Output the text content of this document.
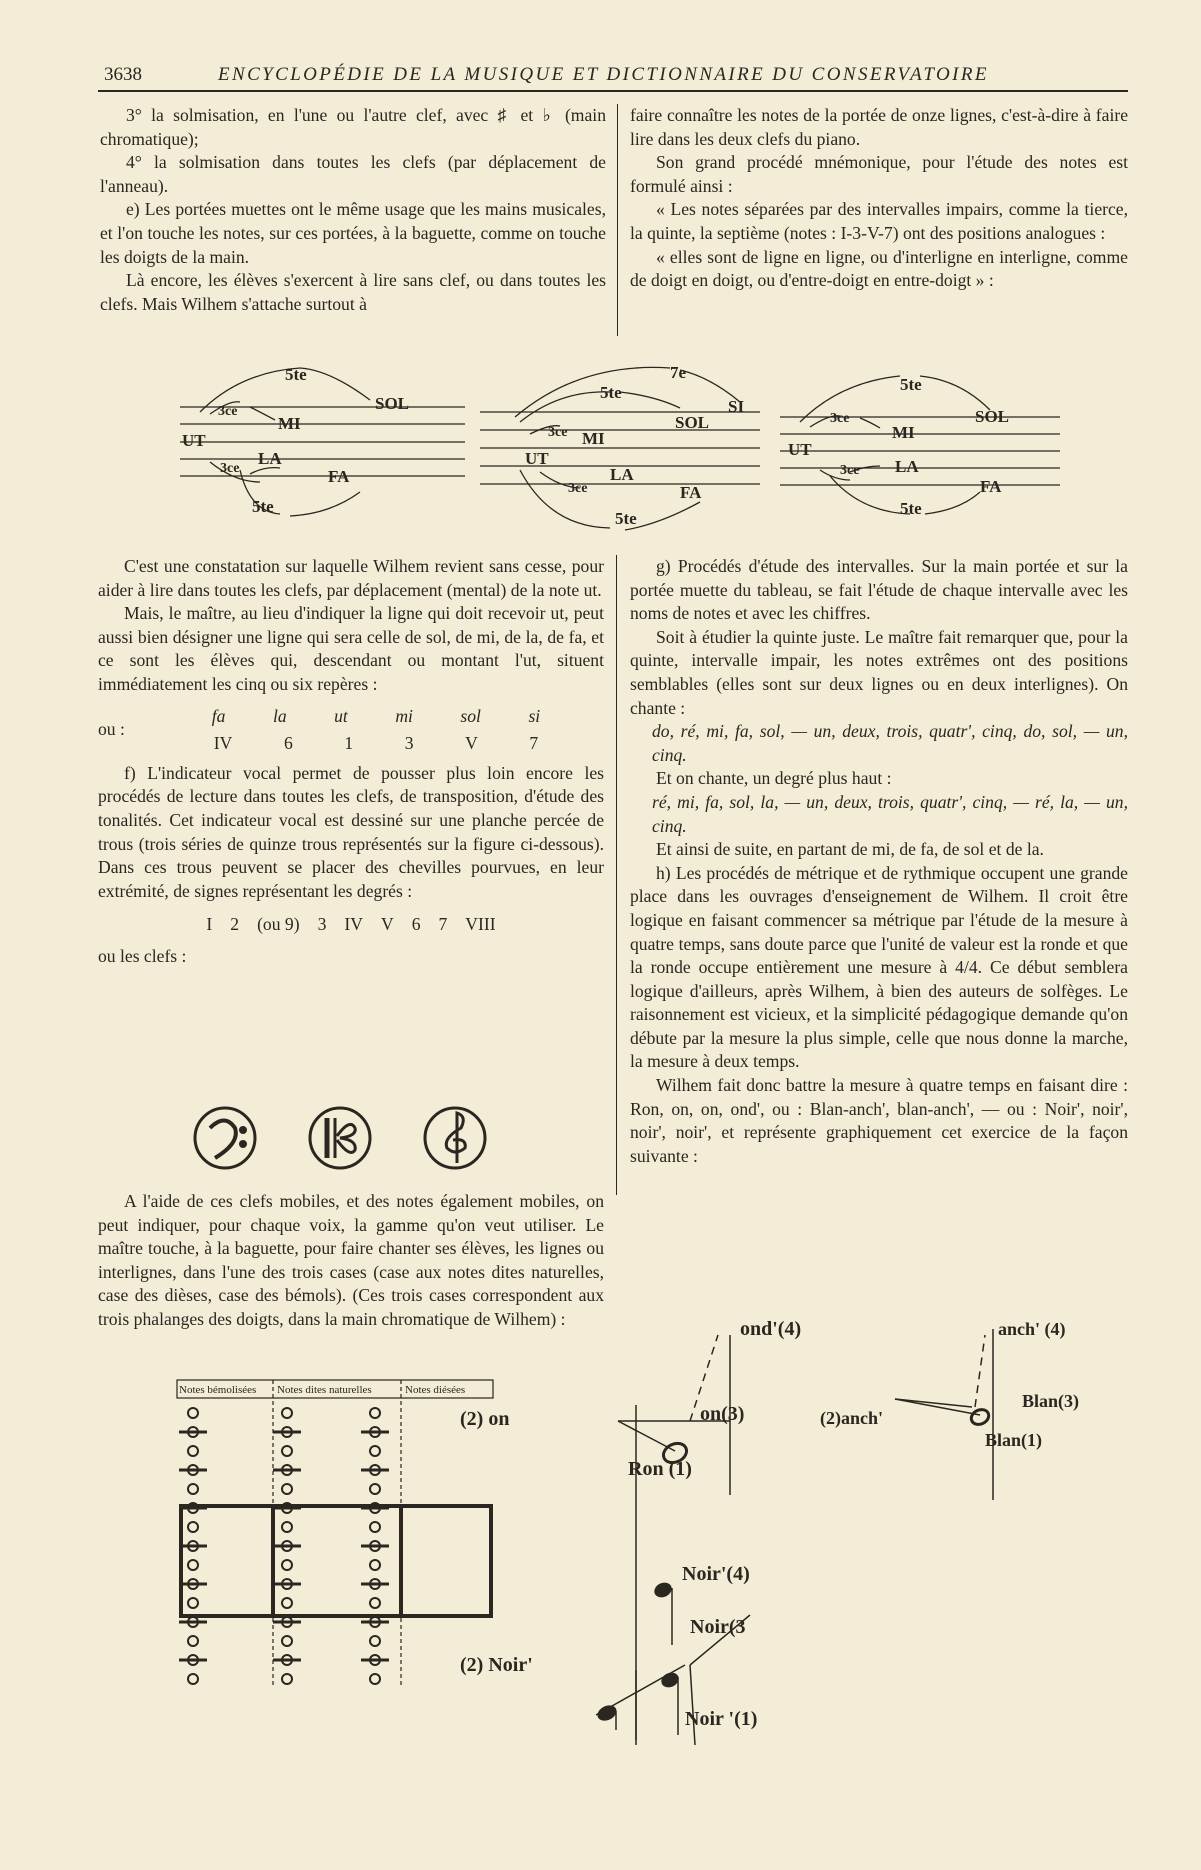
3638	ENCYCLOPÉDIE DE LA MUSIQUE ET DICTIONNAIRE DU CONSERVATOIRE

3° la solmisation, en l'une ou l'autre clef, avec ♯ et ♭ (main chromatique);

4° la solmisation dans toutes les clefs (par déplacement de l'anneau).

e) Les portées muettes ont le même usage que les mains musicales, et l'on touche les notes, sur ces portées, à la baguette, comme on touche les doigts de la main.

Là encore, les élèves s'exercent à lire sans clef, ou dans toutes les clefs. Mais Wilhem s'attache surtout à

faire connaître les notes de la portée de onze lignes, c'est-à-dire à faire lire dans les deux clefs du piano.

Son grand procédé mnémonique, pour l'étude des notes est formulé ainsi :

« Les notes séparées par des intervalles impairs, comme la tierce, la quinte, la septième (notes : I-3-V-7) ont des positions analogues :

« elles sont de ligne en ligne, ou d'interligne en interligne, comme de doigt en doigt, ou d'entre-doigt en entre-doigt » :

5te
3ce	SOL
MI
UT
3ce
LA
FA
5te
7e
5te
SI
SOL
3ce MI
UT
LA
3ce	FA
5te
5te
3ce	SOL
MI
UT
3ce LA
FA
5te

C'est une constatation sur laquelle Wilhem revient sans cesse, pour aider à lire dans toutes les clefs, par déplacement (mental) de la note ut.

Mais, le maître, au lieu d'indiquer la ligne qui doit recevoir ut, peut aussi bien désigner une ligne qui sera celle de sol, de mi, de la, de fa, et ce sont les élèves qui, descendant ou montant l'ut, situent immédiatement les cinq ou six repères :

ou :
fa	la	ut	mi	sol	si
IV	6	1	3	V	7

f) L'indicateur vocal permet de pousser plus loin encore les procédés de lecture dans toutes les clefs, de transposition, d'étude des tonalités. Cet indicateur vocal est dessiné sur une planche percée de trous (trois séries de quinze trous représentés sur la figure ci-dessous). Dans ces trous peuvent se placer des chevilles pourvues, en leur extrémité, de signes représentant les degrés :

I 2 (ou 9) 3 IV V 6 7 VIII

ou les clefs :

A l'aide de ces clefs mobiles, et des notes également mobiles, on peut indiquer, pour chaque voix, la gamme qu'on veut utiliser. Le maître touche, à la baguette, pour faire chanter ses élèves, les lignes ou interlignes, dans l'une des trois cases (case aux notes dites naturelles, case des dièses, case des bémols). (Ces trois cases correspondent aux trois phalanges des doigts, dans la main chromatique de Wilhem) :

Notes bémolisées Notes dites naturelles	Notes diésées

g) Procédés d'étude des intervalles. Sur la main portée et sur la portée muette du tableau, se fait l'étude de chaque intervalle avec les noms de notes et avec les chiffres.

Soit à étudier la quinte juste. Le maître fait remarquer que, pour la quinte, intervalle impair, les notes extrêmes ont des positions semblables (elles sont sur deux lignes ou en deux interlignes). On chante :

do, ré, mi, fa, sol, — un, deux, trois, quatr', cinq, do, sol, — un, cinq.

Et on chante, un degré plus haut :

ré, mi, fa, sol, la, — un, deux, trois, quatr', cinq, — ré, la, — un, cinq.

Et ainsi de suite, en partant de mi, de fa, de sol et de la.

h) Les procédés de métrique et de rythmique occupent une grande place dans les ouvrages d'enseignement de Wilhem. Il croit être logique en faisant commencer sa métrique par l'étude de la mesure à quatre temps, sans doute parce que l'unité de valeur est la ronde et que la ronde occupe entièrement une mesure à 4/4. Ce début semblera logique d'ailleurs, après Wilhem, à bien des auteurs de solfèges. Le raisonnement est vicieux, et la simplicité pédagogique demande qu'on débute par la mesure la plus simple, celle que nous donne la marche, la mesure à deux temps.

Wilhem fait donc battre la mesure à quatre temps en faisant dire : Ron, on, on, ond', ou : Blan-anch', blan-anch', — ou : Noir', noir', noir', noir', et représente graphiquement cet exercice de la façon suivante :

Ron (1)
(2) on	on(3)
ond'(4)
Blan(1)
(2)anch'
Blan(3)
anch' (4)
Noir '(1)
(2) Noir'
Noir(3
Noir'(4)
